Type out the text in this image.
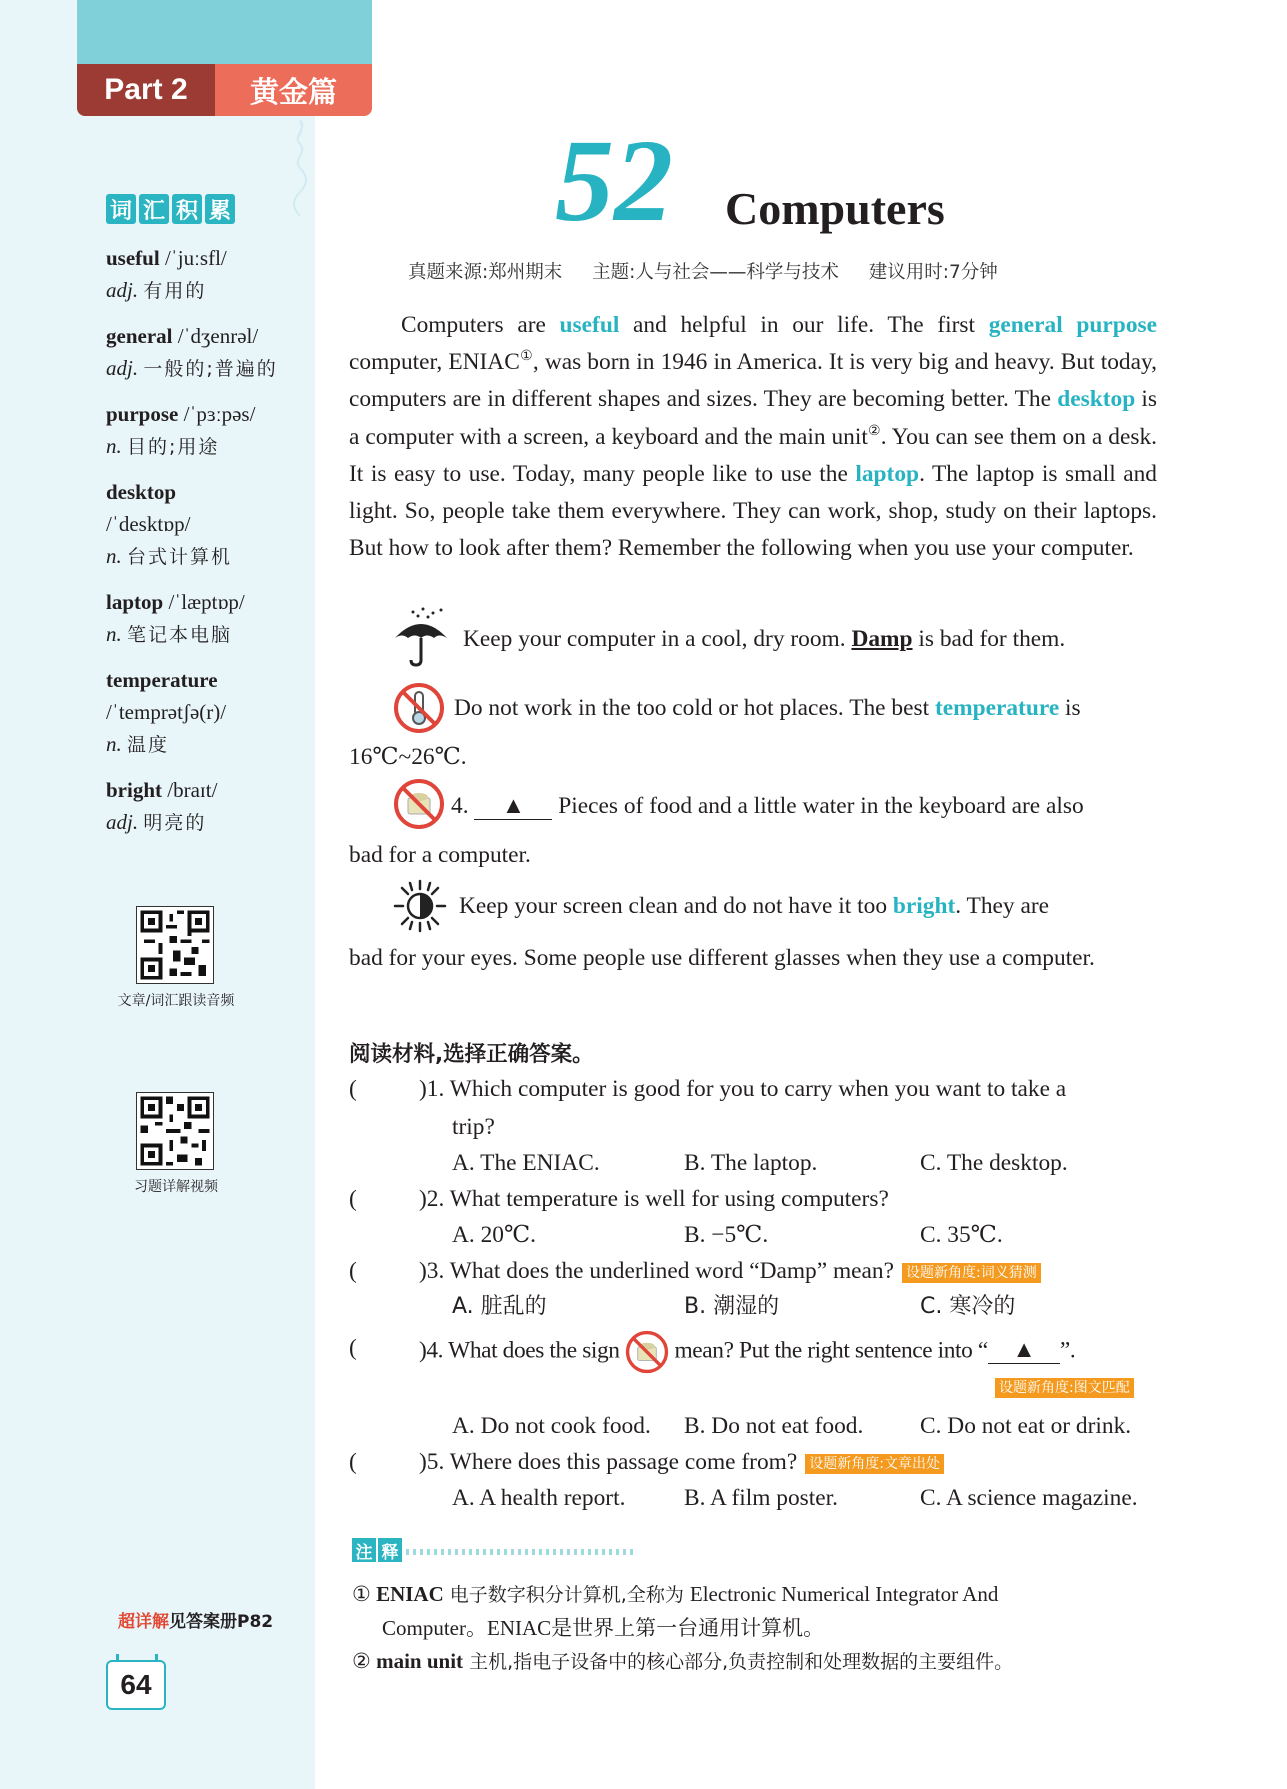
Part 2	黄金篇
词 汇 积 累
useful /ˈjuːsfl/
adj. 有用的
general /ˈdʒenrəl/
adj. 一般的;普遍的
purpose /ˈpɜːpəs/
n. 目的;用途
desktop
/ˈdesktɒp/
n. 台式计算机
laptop /ˈlæptɒp/
n. 笔记本电脑
temperature
/ˈtemprətʃə(r)/
n. 温度
bright /braɪt/
adj. 明亮的
文章/词汇跟读音频
习题详解视频
超详解见答案册P82
64
52 Computers
真题来源:郑州期末 主题:人与社会——科学与技术 建议用时:7分钟

Computers are useful and helpful in our life. The first general purpose computer, ENIAC①, was born in 1946 in America. It is very big and heavy. But today, computers are in different shapes and sizes. They are becoming better. The desktop is a computer with a screen, a keyboard and the main unit②. You can see them on a desk. It is easy to use. Today, many people like to use the laptop. The laptop is small and light. So, people take them everywhere. They can work, shop, study on their laptops. But how to look after them? Remember the following when you use your computer.

Keep your computer in a cool, dry room. Damp is bad for them.
Do not work in the too cold or hot places. The best temperature is
16℃~26℃.
4. ▲ Pieces of food and a little water in the keyboard are also
bad for a computer.
Keep your screen clean and do not have it too bright. They are
bad for your eyes. Some people use different glasses when they use a computer.
阅读材料,选择正确答案。
(	)1. Which computer is good for you to carry when you want to take a
trip?
A. The ENIAC.	B. The laptop.	C. The desktop.
(	)2. What temperature is well for using computers?
A. 20℃.	B. −5℃.	C. 35℃.
(	)3. What does the underlined word “Damp” mean? 设题新角度:词义猜测
A. 脏乱的	B. 潮湿的	C. 寒冷的
(	)4. What does the sign mean? Put the right sentence into “ ▲ ”.
设题新角度:图文匹配
A. Do not cook food. B. Do not eat food. C. Do not eat or drink.
(	)5. Where does this passage come from? 设题新角度:文章出处
A. A health report.	B. A film poster.	C. A science magazine.
注 释
① ENIAC 电子数字积分计算机,全称为 Electronic Numerical Integrator And
Computer。ENIAC是世界上第一台通用计算机。
② main unit 主机,指电子设备中的核心部分,负责控制和处理数据的主要组件。
